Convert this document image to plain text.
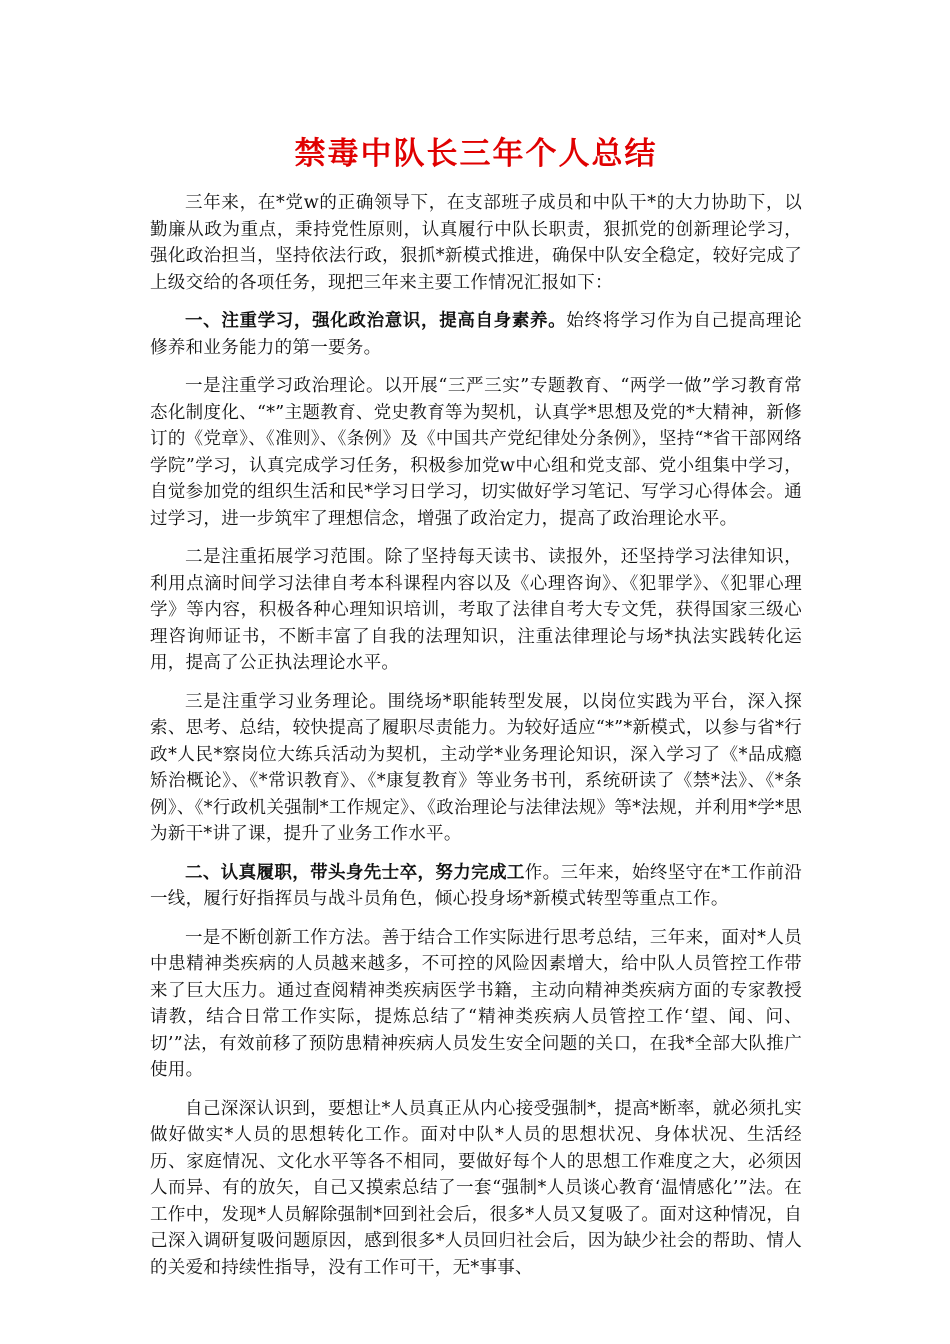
禁毒中队长三年个人总结

三年来，在*党w的正确领导下，在支部班子成员和中队干*的大力协助下，以勤廉从政为重点，秉持党性原则，认真履行中队长职责，狠抓党的创新理论学习，强化政治担当，坚持依法行政，狠抓*新模式推进，确保中队安全稳定，较好完成了上级交给的各项任务，现把三年来主要工作情况汇报如下：

一、注重学习，强化政治意识，提高自身素养。始终将学习作为自己提高理论修养和业务能力的第一要务。

一是注重学习政治理论。以开展“三严三实”专题教育、“两学一做”学习教育常态化制度化、“*”主题教育、党史教育等为契机，认真学*思想及党的*大精神，新修订的《党章》、《准则》、《条例》及《中国共产党纪律处分条例》，坚持“*省干部网络学院”学习，认真完成学习任务，积极参加党w中心组和党支部、党小组集中学习，自觉参加党的组织生活和民*学习日学习，切实做好学习笔记、写学习心得体会。通过学习，进一步筑牢了理想信念，增强了政治定力，提高了政治理论水平。

二是注重拓展学习范围。除了坚持每天读书、读报外，还坚持学习法律知识，利用点滴时间学习法律自考本科课程内容以及《心理咨询》、《犯罪学》、《犯罪心理学》等内容，积极各种心理知识培训，考取了法律自考大专文凭，获得国家三级心理咨询师证书，不断丰富了自我的法理知识，注重法律理论与场*执法实践转化运用，提高了公正执法理论水平。

三是注重学习业务理论。围绕场*职能转型发展，以岗位实践为平台，深入探索、思考、总结，较快提高了履职尽责能力。为较好适应“*”*新模式，以参与省*行政*人民*察岗位大练兵活动为契机，主动学*业务理论知识，深入学习了《*品成瘾矫治概论》、《*常识教育》、《*康复教育》等业务书刊，系统研读了《禁*法》、《*条例》、《*行政机关强制*工作规定》、《政治理论与法律法规》等*法规，并利用*学*思为新干*讲了课，提升了业务工作水平。

二、认真履职，带头身先士卒，努力完成工作。三年来，始终坚守在*工作前沿一线，履行好指挥员与战斗员角色，倾心投身场*新模式转型等重点工作。

一是不断创新工作方法。善于结合工作实际进行思考总结，三年来，面对*人员中患精神类疾病的人员越来越多，不可控的风险因素增大，给中队人员管控工作带来了巨大压力。通过查阅精神类疾病医学书籍，主动向精神类疾病方面的专家教授请教，结合日常工作实际，提炼总结了“精神类疾病人员管控工作‘望、闻、问、切’”法，有效前移了预防患精神疾病人员发生安全问题的关口，在我*全部大队推广使用。

自己深深认识到，要想让*人员真正从内心接受强制*，提高*断率，就必须扎实做好做实*人员的思想转化工作。面对中队*人员的思想状况、身体状况、生活经历、家庭情况、文化水平等各不相同，要做好每个人的思想工作难度之大，必须因人而异、有的放矢，自己又摸索总结了一套“强制*人员谈心教育‘温情感化’”法。在工作中，发现*人员解除强制*回到社会后，很多*人员又复吸了。面对这种情况，自己深入调研复吸问题原因，感到很多*人员回归社会后，因为缺少社会的帮助、情人的关爱和持续性指导，没有工作可干，无*事事、
